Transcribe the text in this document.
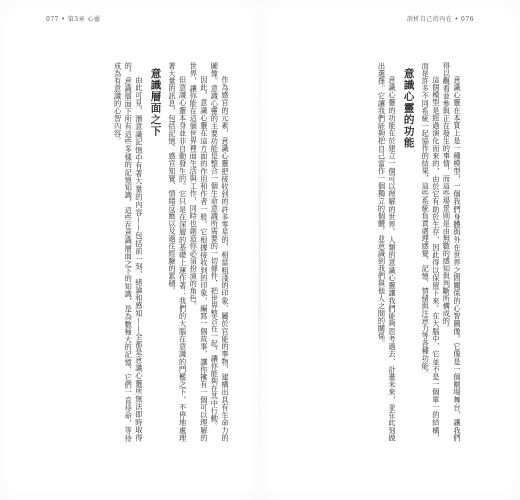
077 • 第3章 心靈

作為感官的元素，意識心靈把接收到的許多零星的、相當粗淺的印象、屬於官能的事物，建構出具有生命力的圖像。意識心靈的主要功能是整合一個生命意識所需要的一切條件，把世界整合在一起，讓你能夠在其中行動。

因此，意識心靈在這方面的作用和作者一般。它根據接收到的印象，編寫一個故事，讓你擁有一個可以理解的世界，讓你能在這個世界裡面生活與工作，同時也創造你必須扮演的角色。

但意識心靈本身並非自動發生的。它只是在深層的基礎上運作著：我們的大腦在意識的門檻之下，不停地處理著大量的訊息，包括記憶、感官知覺、情緒反應以及過往經驗的累積。

意識層面之下

由此可見，潛意識記憶中有著大量的內容——包括前一刻、緒論和感知——全都是意識心靈所無法即時取得的。意識層面下所有這些多樣的記憶知識，這些在意識層面之下的知識，是為數極大的記憶，它們一直待命，等待成為有意識的心智內容。

剖析自己的內在 • 076

意識心靈在本質上是一種模型，一個我們身體與外在世界之間關係的心智圖像。它像是一個劇場舞台，讓我們得以觀看並參與正在發生的事情，而這些場景則是由無數的感知與判斷所構成的。

這個模型是經過演化而來的，由於它有助於生存，因此得以保留下來。在大腦中，它並不是一個單一的結構，而是許多不同系統一起協作的結果，這些系統負責處理感覺、記憶、情緒與注意力等各種功能。

意識心靈的功能

意識心靈的功能在於建立一個可以理解的世界。人類的意識心靈讓我們能夠思考過去、計畫未來，並在此刻做出選擇。它讓我們能夠把自己當作一個獨立的個體，並意識到我們與他人之間的關係。
